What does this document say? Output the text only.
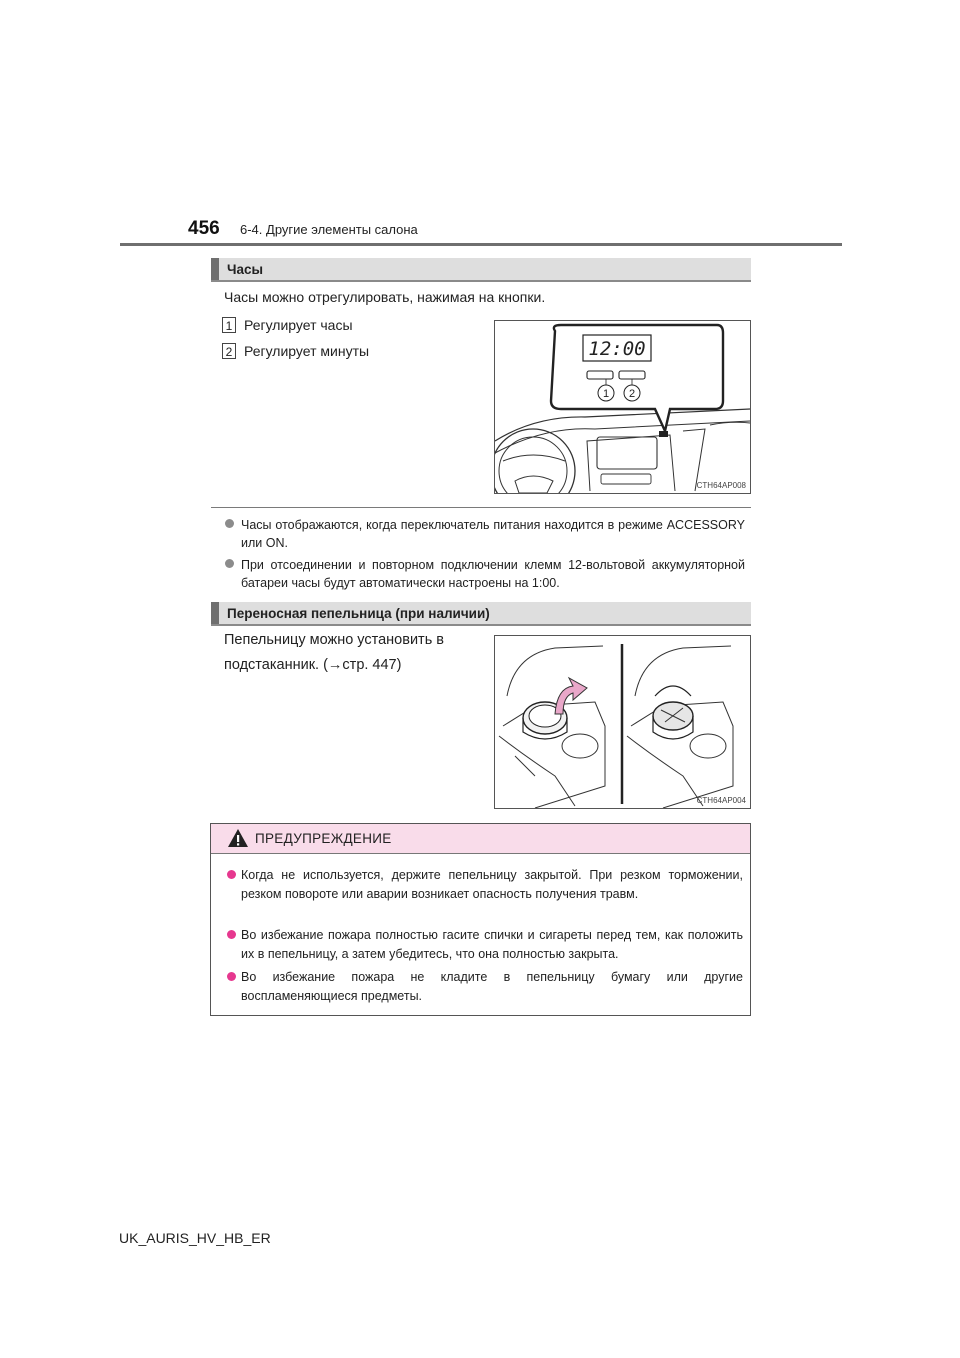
456 6-4. Другие элементы салона
Часы
Часы можно отрегулировать, нажимая на кнопки.
1 Регулирует часы
2 Регулирует минуты	12:00
1 2
CTH64AP008
Часы отображаются, когда переключатель питания находится в режиме ACCESSORY или ON.
При отсоединении и повторном подключении клемм 12-вольтовой аккумуляторной батареи часы будут автоматически настроены на 1:00.
Переносная пепельница (при наличии)
Пепельницу можно установить в
подстаканник. (→стр. 447)
CTH64AP004
ПРЕДУПРЕЖДЕНИЕ
Когда не используется, держите пепельницу закрытой. При резком торможении, резком повороте или аварии возникает опасность получения травм.
Во избежание пожара полностью гасите спички и сигареты перед тем, как положить их в пепельницу, а затем убедитесь, что она полностью закрыта.
Во избежание пожара не кладите в пепельницу бумагу или другие воспламеняющиеся предметы.
UK_AURIS_HV_HB_ER
